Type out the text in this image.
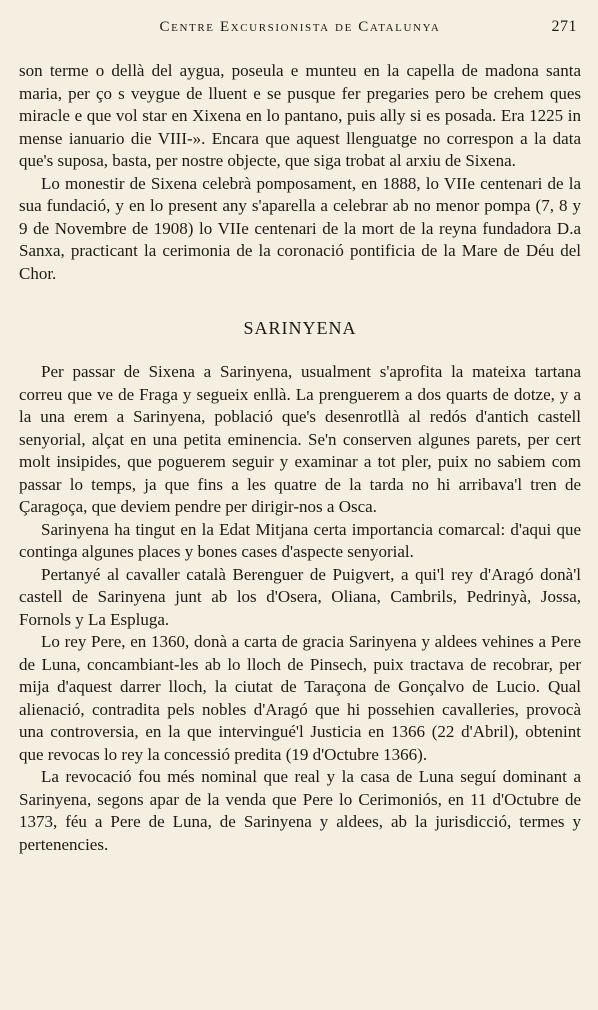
Centre Excursionista de Catalunya	271

son terme o dellà del aygua, poseula e munteu en la capella de madona santa maria, per ço s veygue de lluent e se pusque fer pregaries pero be crehem ques miracle e que vol star en Xixena en lo pantano, puis ally si es posada. Era 1225 in mense ianuario die VIII-». Encara que aquest llenguatge no correspon a la data que's suposa, basta, per nostre objecte, que siga trobat al arxiu de Sixena.

Lo monestir de Sixena celebrà pomposament, en 1888, lo VIIe centenari de la sua fundació, y en lo present any s'aparella a celebrar ab no menor pompa (7, 8 y 9 de Novembre de 1908) lo VIIe centenari de la mort de la reyna fundadora D.a Sanxa, practicant la cerimonia de la coronació pontificia de la Mare de Déu del Chor.

SARINYENA

Per passar de Sixena a Sarinyena, usualment s'aprofita la mateixa tartana correu que ve de Fraga y segueix enllà. La prenguerem a dos quarts de dotze, y a la una erem a Sarinyena, població que's desenrotllà al redós d'antich castell senyorial, alçat en una petita eminencia. Se'n conserven algunes parets, per cert molt insipides, que poguerem seguir y examinar a tot pler, puix no sabiem com passar lo temps, ja que fins a les quatre de la tarda no hi arribava'l tren de Çaragoça, que deviem pendre per dirigir-nos a Osca.

Sarinyena ha tingut en la Edat Mitjana certa importancia comarcal: d'aqui que continga algunes places y bones cases d'aspecte senyorial.

Pertanyé al cavaller català Berenguer de Puigvert, a qui'l rey d'Aragó donà'l castell de Sarinyena junt ab los d'Osera, Oliana, Cambrils, Pedrinyà, Jossa, Fornols y La Espluga.

Lo rey Pere, en 1360, donà a carta de gracia Sarinyena y aldees vehines a Pere de Luna, concambiant-les ab lo lloch de Pinsech, puix tractava de recobrar, per mija d'aquest darrer lloch, la ciutat de Taraçona de Gonçalvo de Lucio. Qual alienació, contradita pels nobles d'Aragó que hi possehien cavalleries, provocà una controversia, en la que intervingué'l Justicia en 1366 (22 d'Abril), obtenint que revocas lo rey la concessió predita (19 d'Octubre 1366).

La revocació fou més nominal que real y la casa de Luna seguí dominant a Sarinyena, segons apar de la venda que Pere lo Cerimoniós, en 11 d'Octubre de 1373, féu a Pere de Luna, de Sarinyena y aldees, ab la jurisdicció, termes y pertenencies.
